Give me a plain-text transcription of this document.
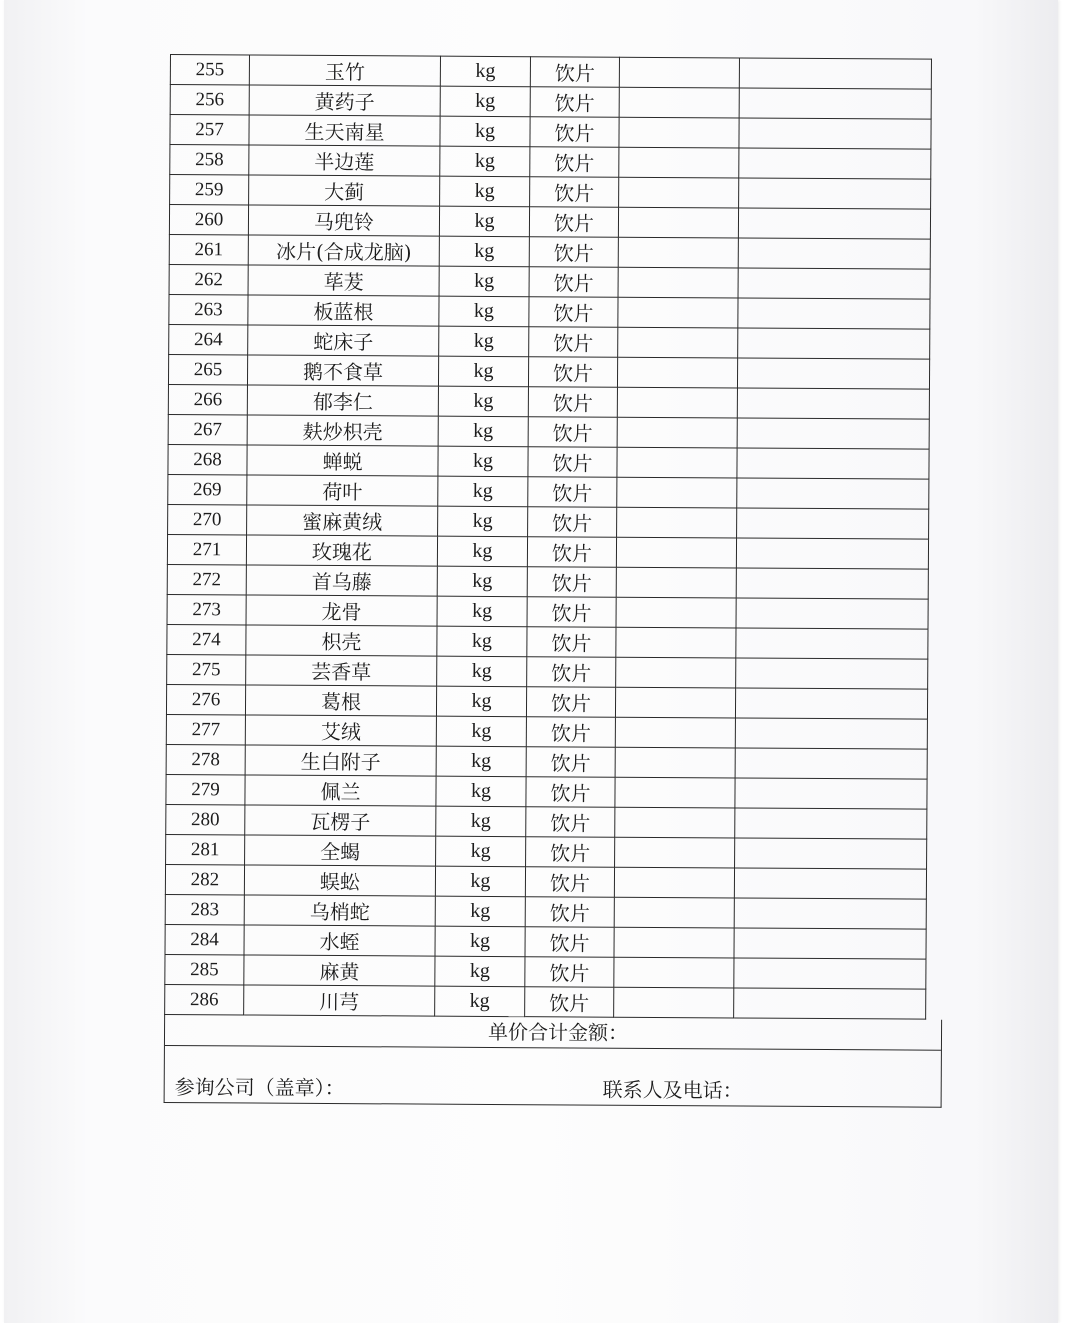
255	玉竹	kg	饮片		
256	黄药子	kg	饮片		
257	生天南星	kg	饮片		
258	半边莲	kg	饮片		
259	大蓟	kg	饮片		
260	马兜铃	kg	饮片		
261	冰片(合成龙脑)	kg	饮片		
262	荜茇	kg	饮片		
263	板蓝根	kg	饮片		
264	蛇床子	kg	饮片		
265	鹅不食草	kg	饮片		
266	郁李仁	kg	饮片		
267	麸炒枳壳	kg	饮片		
268	蝉蜕	kg	饮片		
269	荷叶	kg	饮片		
270	蜜麻黄绒	kg	饮片		
271	玫瑰花	kg	饮片		
272	首乌藤	kg	饮片		
273	龙骨	kg	饮片		
274	枳壳	kg	饮片		
275	芸香草	kg	饮片		
276	葛根	kg	饮片		
277	艾绒	kg	饮片		
278	生白附子	kg	饮片		
279	佩兰	kg	饮片		
280	瓦楞子	kg	饮片		
281	全蝎	kg	饮片		
282	蜈蚣	kg	饮片		
283	乌梢蛇	kg	饮片		
284	水蛭	kg	饮片		
285	麻黄	kg	饮片		
286	川芎	kg	饮片		
单价合计金额：
参询公司（盖章）：	联系人及电话：
